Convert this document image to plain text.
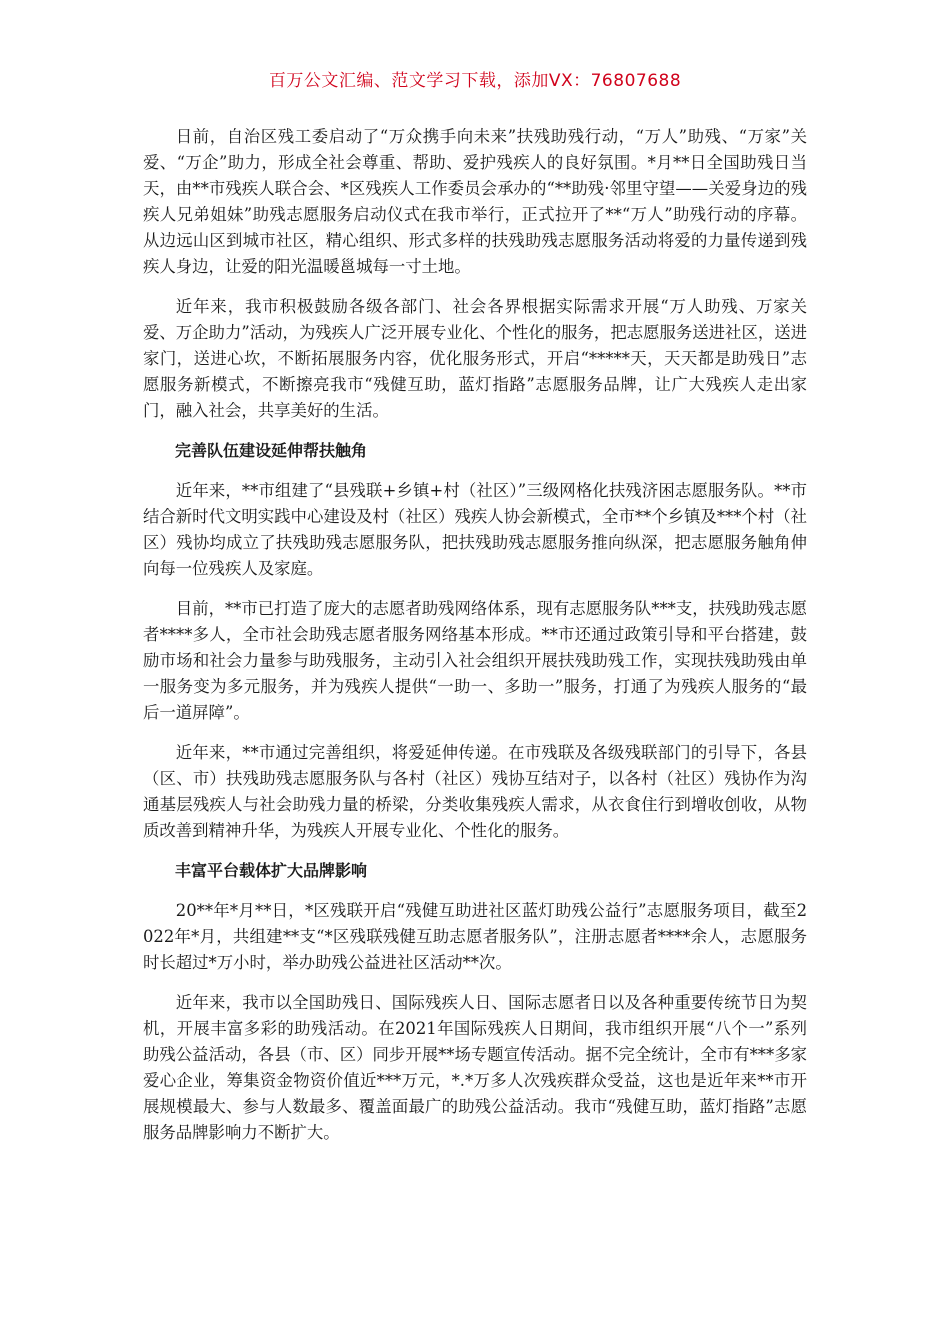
百万公文汇编、范文学习下载，添加VX：76807688

日前，自治区残工委启动了“万众携手向未来”扶残助残行动，“万人”助残、“万家”关爱、“万企”助力，形成全社会尊重、帮助、爱护残疾人的良好氛围。*月**日全国助残日当天，由**市残疾人联合会、*区残疾人工作委员会承办的“**助残·邻里守望——关爱身边的残疾人兄弟姐妹”助残志愿服务启动仪式在我市举行，正式拉开了**“万人”助残行动的序幕。从边远山区到城市社区，精心组织、形式多样的扶残助残志愿服务活动将爱的力量传递到残疾人身边，让爱的阳光温暖邕城每一寸土地。

近年来，我市积极鼓励各级各部门、社会各界根据实际需求开展“万人助残、万家关爱、万企助力”活动，为残疾人广泛开展专业化、个性化的服务，把志愿服务送进社区，送进家门，送进心坎，不断拓展服务内容，优化服务形式，开启“*****天，天天都是助残日”志愿服务新模式，不断擦亮我市“残健互助，蓝灯指路”志愿服务品牌，让广大残疾人走出家门，融入社会，共享美好的生活。

完善队伍建设延伸帮扶触角

近年来，**市组建了“县残联+乡镇+村（社区）”三级网格化扶残济困志愿服务队。**市结合新时代文明实践中心建设及村（社区）残疾人协会新模式，全市**个乡镇及***个村（社区）残协均成立了扶残助残志愿服务队，把扶残助残志愿服务推向纵深，把志愿服务触角伸向每一位残疾人及家庭。

目前，**市已打造了庞大的志愿者助残网络体系，现有志愿服务队***支，扶残助残志愿者****多人，全市社会助残志愿者服务网络基本形成。**市还通过政策引导和平台搭建，鼓励市场和社会力量参与助残服务，主动引入社会组织开展扶残助残工作，实现扶残助残由单一服务变为多元服务，并为残疾人提供“一助一、多助一”服务，打通了为残疾人服务的“最后一道屏障”。

近年来，**市通过完善组织，将爱延伸传递。在市残联及各级残联部门的引导下，各县（区、市）扶残助残志愿服务队与各村（社区）残协互结对子，以各村（社区）残协作为沟通基层残疾人与社会助残力量的桥梁，分类收集残疾人需求，从衣食住行到增收创收，从物质改善到精神升华，为残疾人开展专业化、个性化的服务。

丰富平台载体扩大品牌影响

20**年*月**日，*区残联开启“残健互助进社区蓝灯助残公益行”志愿服务项目，截至2022年*月，共组建**支“*区残联残健互助志愿者服务队”，注册志愿者****余人，志愿服务时长超过*万小时，举办助残公益进社区活动**次。

近年来，我市以全国助残日、国际残疾人日、国际志愿者日以及各种重要传统节日为契机，开展丰富多彩的助残活动。在2021年国际残疾人日期间，我市组织开展“八个一”系列助残公益活动，各县（市、区）同步开展**场专题宣传活动。据不完全统计，全市有***多家爱心企业，筹集资金物资价值近***万元，*.*万多人次残疾群众受益，这也是近年来**市开展规模最大、参与人数最多、覆盖面最广的助残公益活动。我市“残健互助，蓝灯指路”志愿服务品牌影响力不断扩大。
